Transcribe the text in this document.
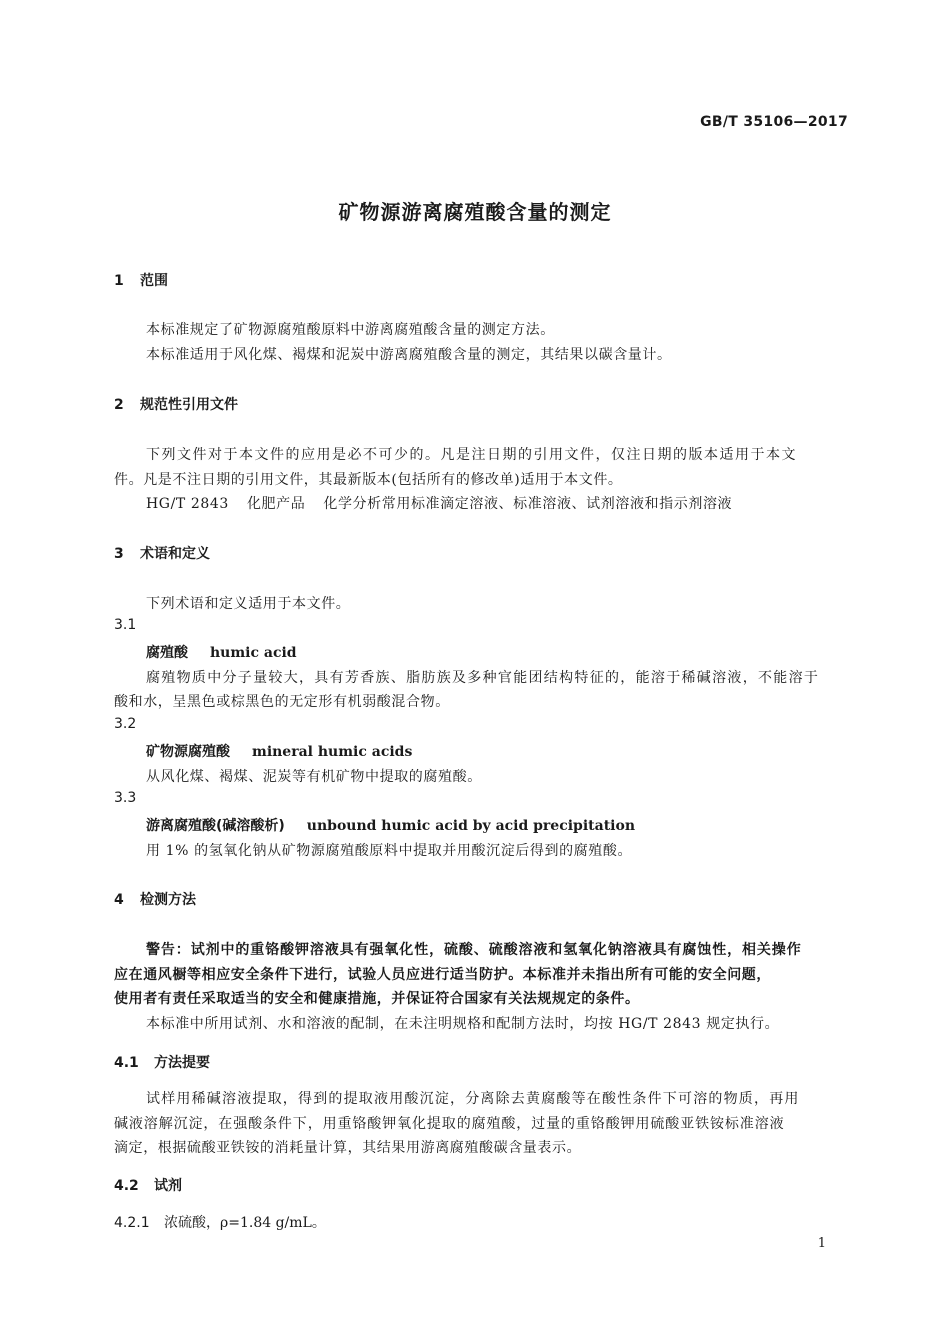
GB/T 35106—2017
矿物源游离腐殖酸含量的测定
1 范围
本标准规定了矿物源腐殖酸原料中游离腐殖酸含量的测定方法。
本标准适用于风化煤、褐煤和泥炭中游离腐殖酸含量的测定，其结果以碳含量计。
2 规范性引用文件
下列文件对于本文件的应用是必不可少的。凡是注日期的引用文件，仅注日期的版本适用于本文
件。凡是不注日期的引用文件，其最新版本(包括所有的修改单)适用于本文件。
HG/T 2843 化肥产品 化学分析常用标准滴定溶液、标准溶液、试剂溶液和指示剂溶液
3 术语和定义
下列术语和定义适用于本文件。
3.1
腐殖酸 humic acid
腐殖物质中分子量较大，具有芳香族、脂肪族及多种官能团结构特征的，能溶于稀碱溶液，不能溶于
酸和水，呈黑色或棕黑色的无定形有机弱酸混合物。
3.2
矿物源腐殖酸 mineral humic acids
从风化煤、褐煤、泥炭等有机矿物中提取的腐殖酸。
3.3
游离腐殖酸(碱溶酸析) unbound humic acid by acid precipitation
用 1% 的氢氧化钠从矿物源腐殖酸原料中提取并用酸沉淀后得到的腐殖酸。
4 检测方法
警告：试剂中的重铬酸钾溶液具有强氧化性，硫酸、硫酸溶液和氢氧化钠溶液具有腐蚀性，相关操作
应在通风橱等相应安全条件下进行，试验人员应进行适当防护。本标准并未指出所有可能的安全问题，
使用者有责任采取适当的安全和健康措施，并保证符合国家有关法规规定的条件。
本标准中所用试剂、水和溶液的配制，在未注明规格和配制方法时，均按 HG/T 2843 规定执行。
4.1 方法提要
试样用稀碱溶液提取，得到的提取液用酸沉淀，分离除去黄腐酸等在酸性条件下可溶的物质，再用
碱液溶解沉淀，在强酸条件下，用重铬酸钾氧化提取的腐殖酸，过量的重铬酸钾用硫酸亚铁铵标准溶液
滴定，根据硫酸亚铁铵的消耗量计算，其结果用游离腐殖酸碳含量表示。
4.2 试剂
4.2.1 浓硫酸，ρ=1.84 g/mL。
1
